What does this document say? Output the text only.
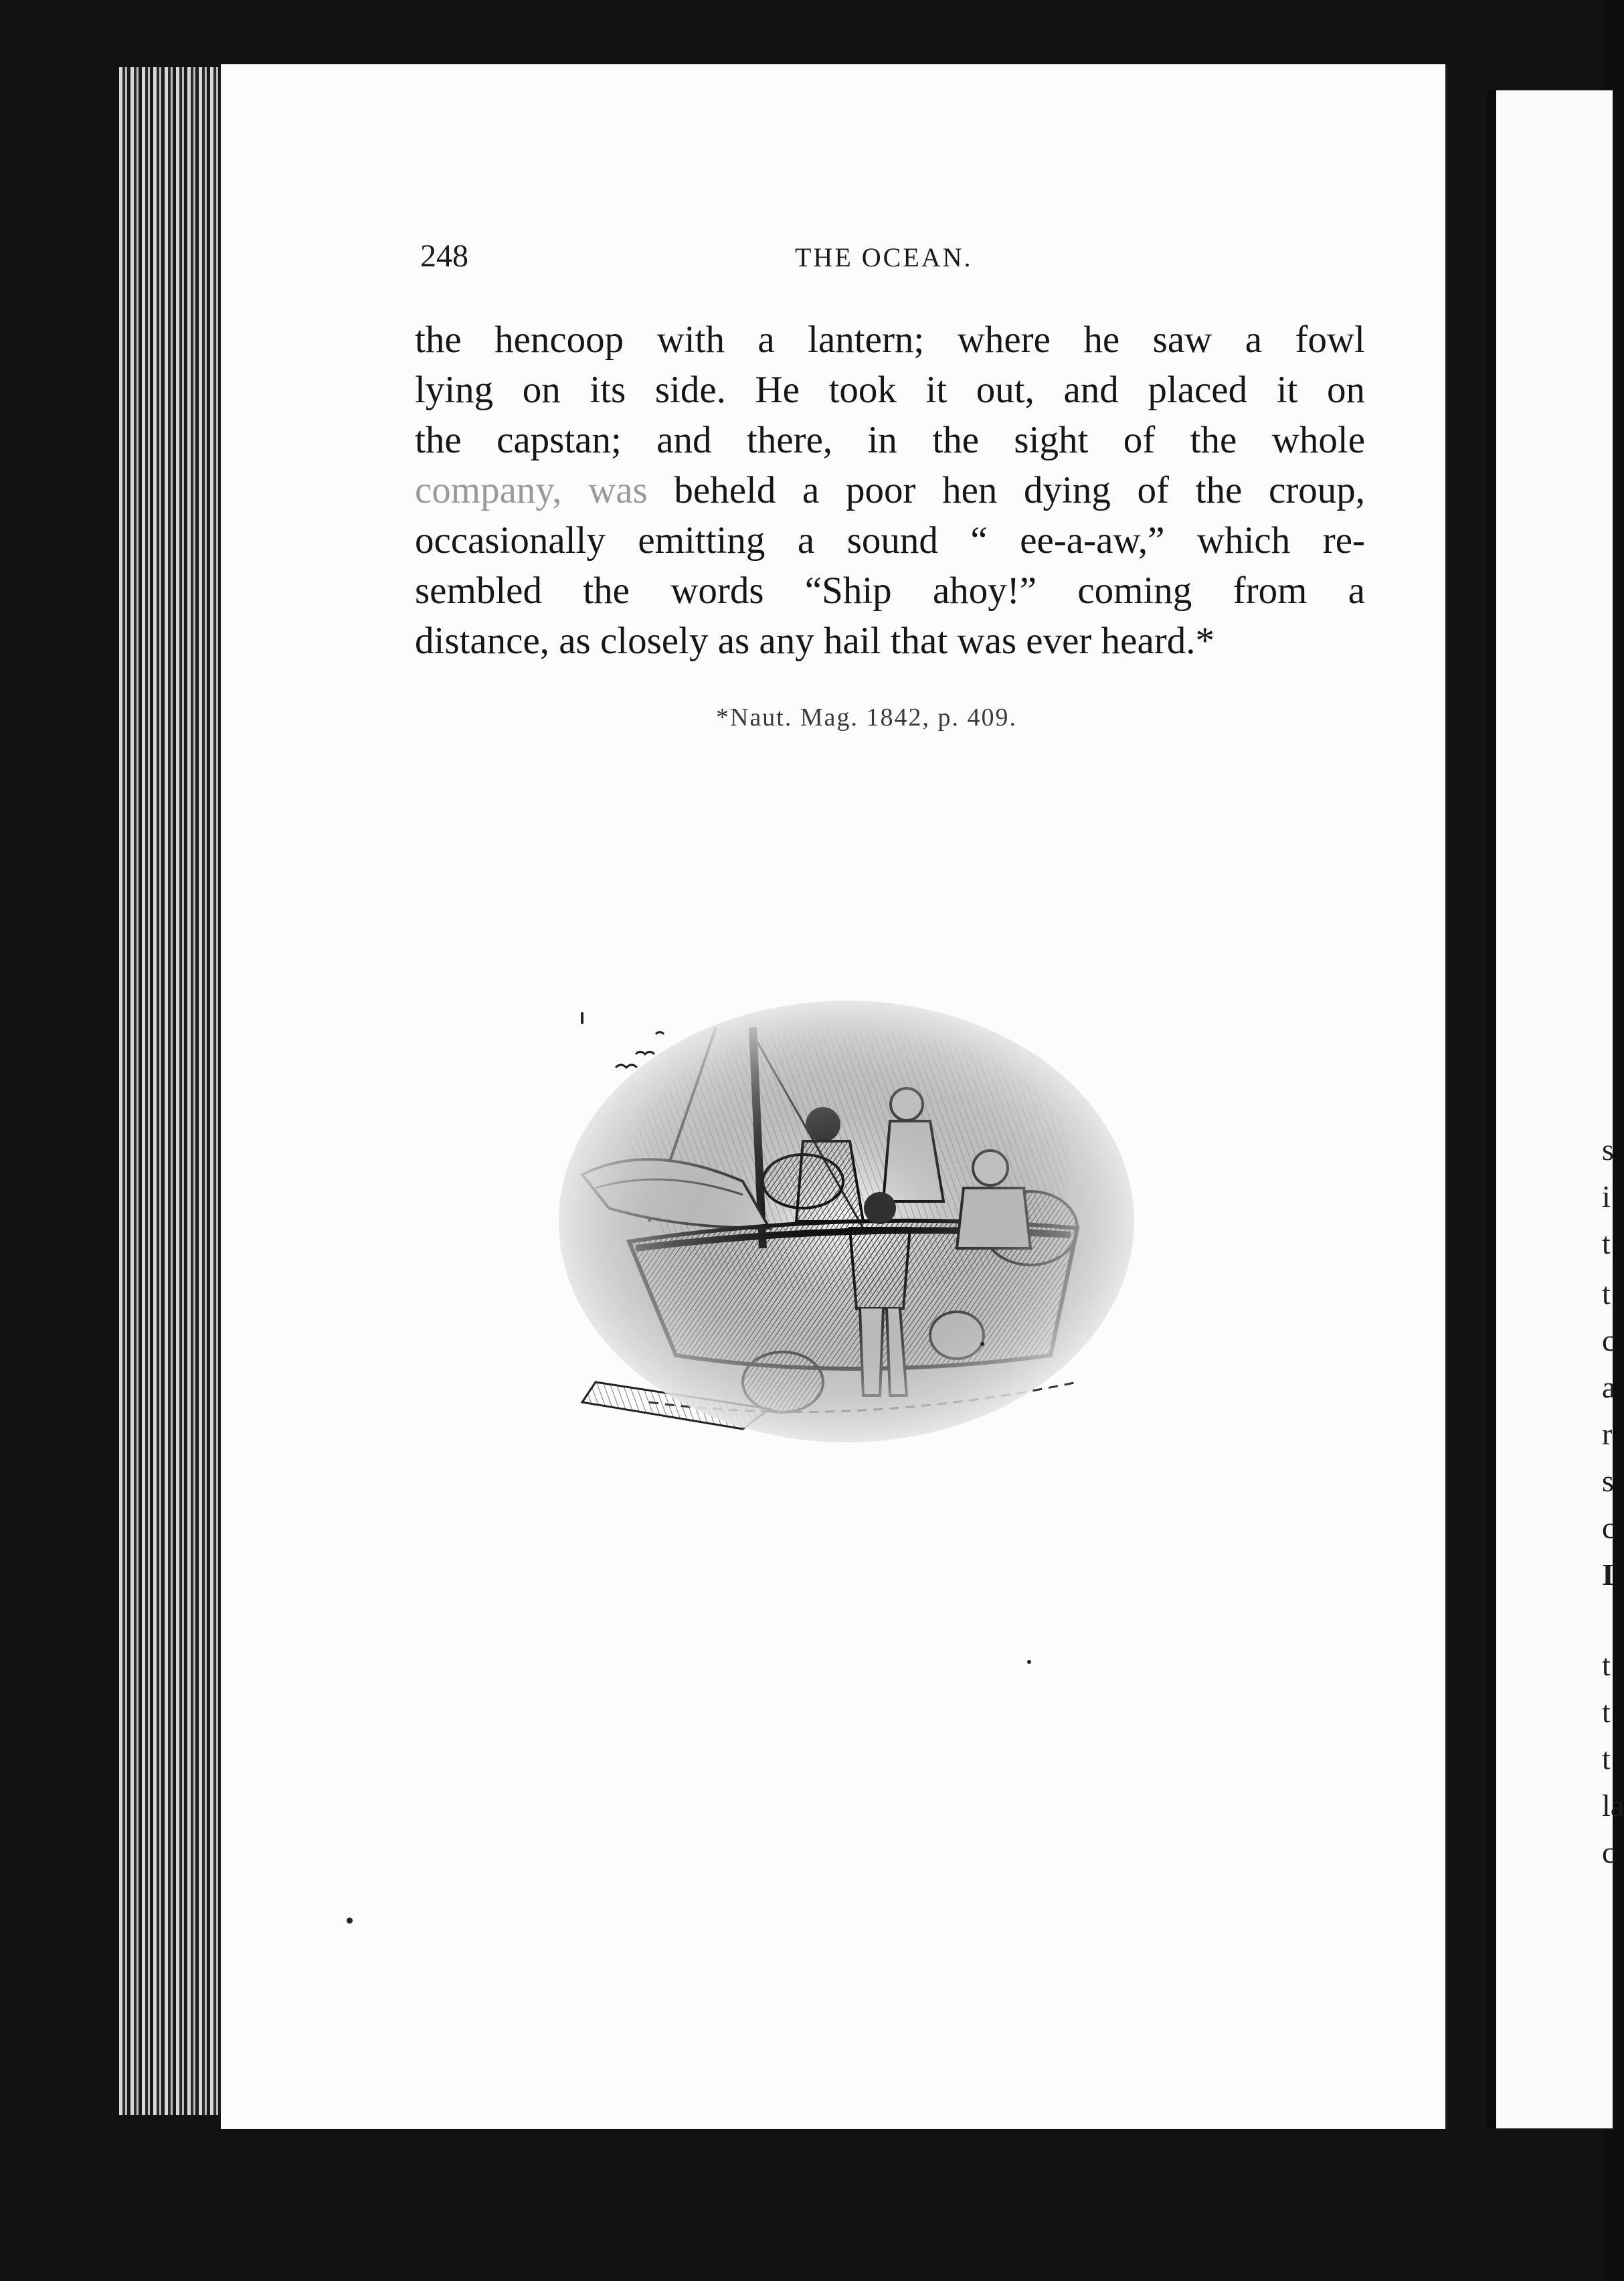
s
i
t
t
c
a
r
s
c
I
t
t
t
la
c
248	THE OCEAN.
the hencoop with a lantern; where he saw a fowl
lying on its side. He took it out, and placed it on
the capstan; and there, in the sight of the whole
company, was beheld a poor hen dying of the croup,
occasionally emitting a sound “ ee-a-aw,” which re-
sembled the words “Ship ahoy!” coming from a
distance, as closely as any hail that was ever heard.*
*Naut. Mag. 1842, p. 409.
